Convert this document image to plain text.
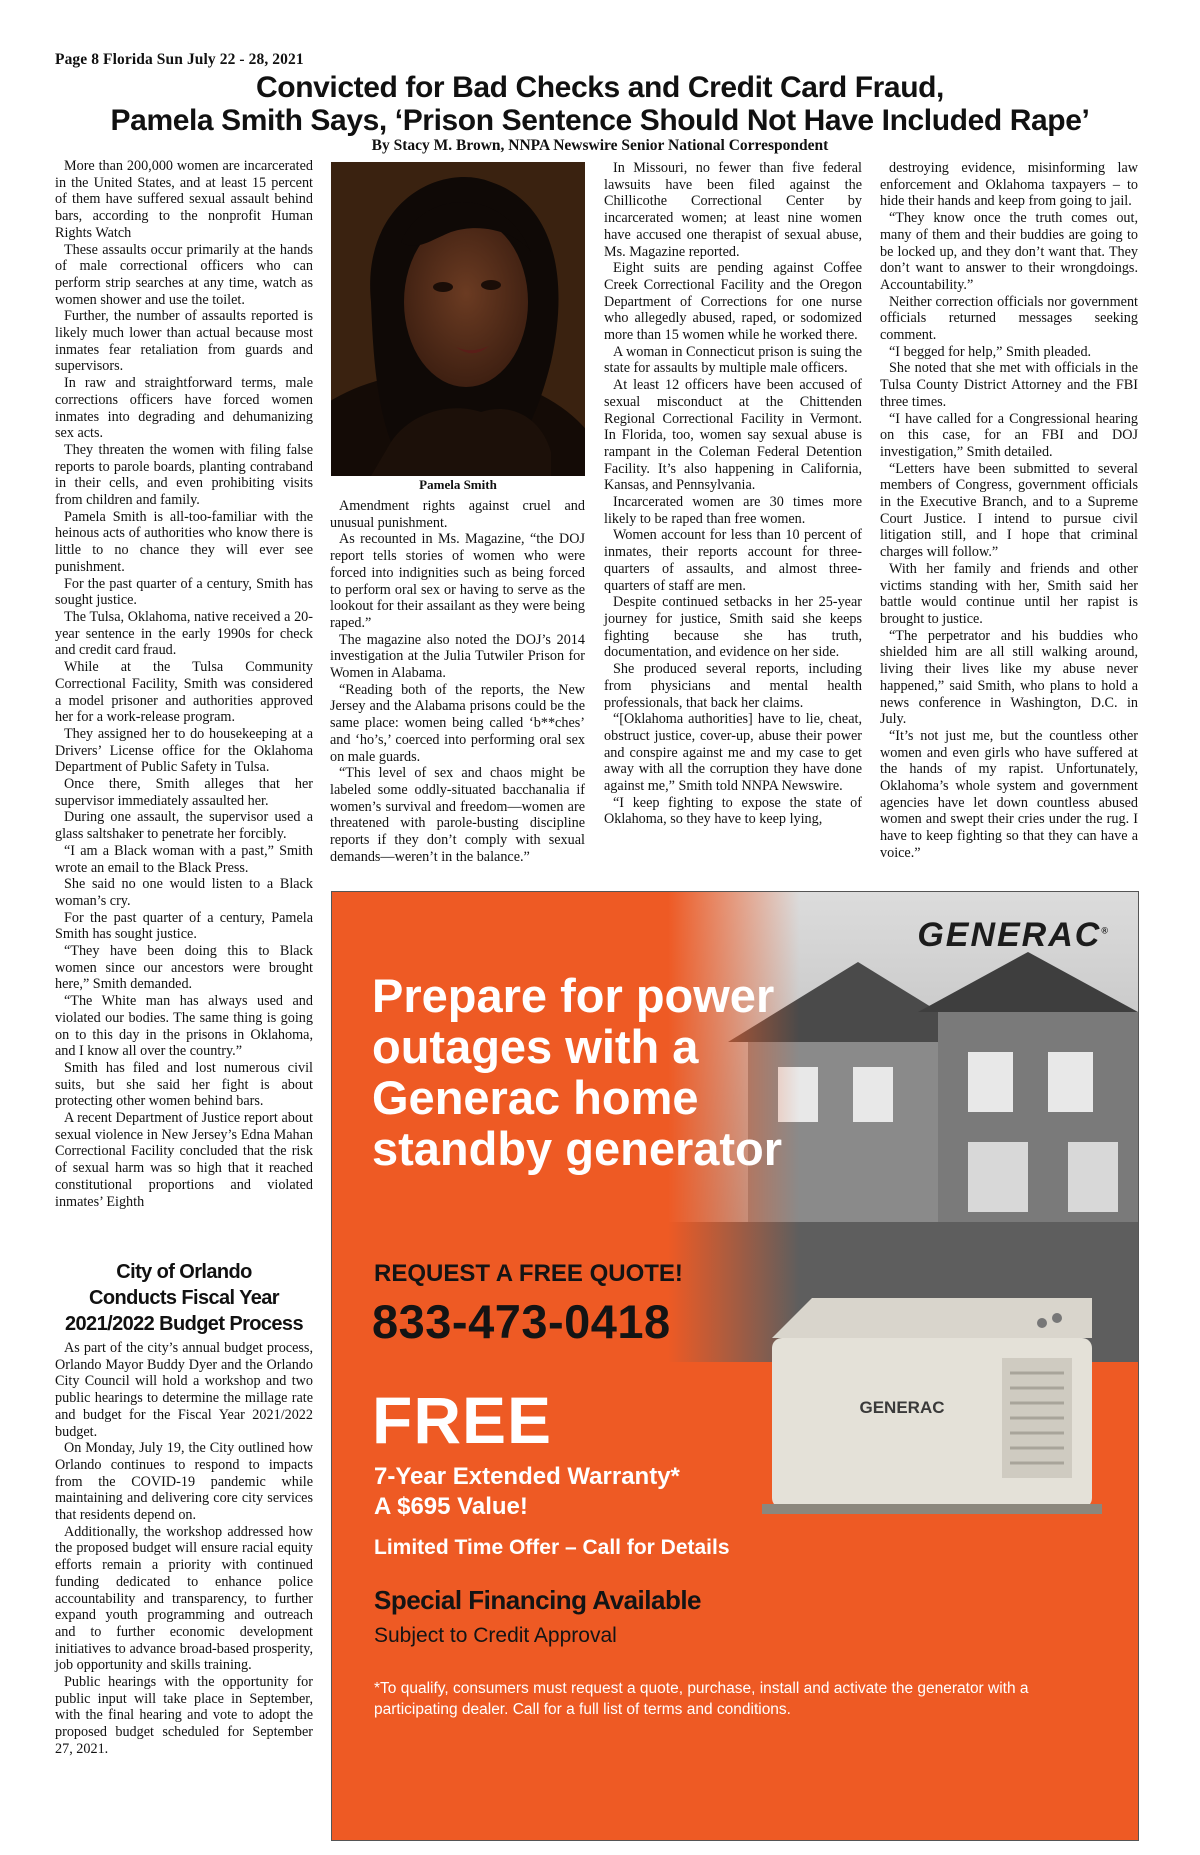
Page 8 Florida Sun July 22 - 28, 2021
Convicted for Bad Checks and Credit Card Fraud,
Pamela Smith Says, ‘Prison Sentence Should Not Have Included Rape’
By Stacy M. Brown, NNPA Newswire Senior National Correspondent

More than 200,000 women are incarcerated in the United States, and at least 15 percent of them have suffered sexual assault behind bars, according to the nonprofit Human Rights Watch

These assaults occur primarily at the hands of male correctional officers who can perform strip searches at any time, watch as women shower and use the toilet.

Further, the number of assaults reported is likely much lower than actual because most inmates fear retaliation from guards and supervisors.

In raw and straightforward terms, male corrections officers have forced women inmates into degrading and dehumanizing sex acts.

They threaten the women with filing false reports to parole boards, planting contraband in their cells, and even prohibiting visits from children and family.

Pamela Smith is all-too-familiar with the heinous acts of authorities who know there is little to no chance they will ever see punishment.

For the past quarter of a century, Smith has sought justice.

The Tulsa, Oklahoma, native received a 20-year sentence in the early 1990s for check and credit card fraud.

While at the Tulsa Community Correctional Facility, Smith was considered a model prisoner and authorities approved her for a work-release program.

They assigned her to do housekeeping at a Drivers’ License office for the Oklahoma Department of Public Safety in Tulsa.

Once there, Smith alleges that her supervisor immediately assaulted her.

During one assault, the supervisor used a glass saltshaker to penetrate her forcibly.

“I am a Black woman with a past,” Smith wrote an email to the Black Press.

She said no one would listen to a Black woman’s cry.

For the past quarter of a century, Pamela Smith has sought justice.

“They have been doing this to Black women since our ancestors were brought here,” Smith demanded.

“The White man has always used and violated our bodies. The same thing is going on to this day in the prisons in Oklahoma, and I know all over the country.”

Smith has filed and lost numerous civil suits, but she said her fight is about protecting other women behind bars.

A recent Department of Justice report about sexual violence in New Jersey’s Edna Mahan Correctional Facility concluded that the risk of sexual harm was so high that it reached constitutional proportions and violated inmates’ Eighth

Pamela Smith

Amendment rights against cruel and unusual punishment.

As recounted in Ms. Magazine, “the DOJ report tells stories of women who were forced into indignities such as being forced to perform oral sex or having to serve as the lookout for their assailant as they were being raped.”

The magazine also noted the DOJ’s 2014 investigation at the Julia Tutwiler Prison for Women in Alabama.

“Reading both of the reports, the New Jersey and the Alabama prisons could be the same place: women being called ‘b**ches’ and ‘ho’s,’ coerced into performing oral sex on male guards.

“This level of sex and chaos might be labeled some oddly-situated bacchanalia if women’s survival and freedom—women are threatened with parole-busting discipline reports if they don’t comply with sexual demands—weren’t in the balance.”

In Missouri, no fewer than five federal lawsuits have been filed against the Chillicothe Correctional Center by incarcerated women; at least nine women have accused one therapist of sexual abuse, Ms. Magazine reported.

Eight suits are pending against Coffee Creek Correctional Facility and the Oregon Department of Corrections for one nurse who allegedly abused, raped, or sodomized more than 15 women while he worked there.

A woman in Connecticut prison is suing the state for assaults by multiple male officers.

At least 12 officers have been accused of sexual misconduct at the Chittenden Regional Correctional Facility in Vermont. In Florida, too, women say sexual abuse is rampant in the Coleman Federal Detention Facility. It’s also happening in California, Kansas, and Pennsylvania.

Incarcerated women are 30 times more likely to be raped than free women.

Women account for less than 10 percent of inmates, their reports account for three-quarters of assaults, and almost three-quarters of staff are men.

Despite continued setbacks in her 25-year journey for justice, Smith said she keeps fighting because she has truth, documentation, and evidence on her side.

She produced several reports, including from physicians and mental health professionals, that back her claims.

“[Oklahoma authorities] have to lie, cheat, obstruct justice, cover-up, abuse their power and conspire against me and my case to get away with all the corruption they have done against me,” Smith told NNPA Newswire.

“I keep fighting to expose the state of Oklahoma, so they have to keep lying,

destroying evidence, misinforming law enforcement and Oklahoma taxpayers – to hide their hands and keep from going to jail.

“They know once the truth comes out, many of them and their buddies are going to be locked up, and they don’t want that. They don’t want to answer to their wrongdoings. Accountability.”

Neither correction officials nor government officials returned messages seeking comment.

“I begged for help,” Smith pleaded.

She noted that she met with officials in the Tulsa County District Attorney and the FBI three times.

“I have called for a Congressional hearing on this case, for an FBI and DOJ investigation,” Smith detailed.

“Letters have been submitted to several members of Congress, government officials in the Executive Branch, and to a Supreme Court Justice. I intend to pursue civil litigation still, and I hope that criminal charges will follow.”

With her family and friends and other victims standing with her, Smith said her battle would continue until her rapist is brought to justice.

“The perpetrator and his buddies who shielded him are all still walking around, living their lives like my abuse never happened,” said Smith, who plans to hold a news conference in Washington, D.C. in July.

“It’s not just me, but the countless other women and even girls who have suffered at the hands of my rapist. Unfortunately, Oklahoma’s whole system and government agencies have let down countless abused women and swept their cries under the rug. I have to keep fighting so that they can have a voice.”

City of Orlando
Conducts Fiscal Year
2021/2022 Budget Process

As part of the city’s annual budget process, Orlando Mayor Buddy Dyer and the Orlando City Council will hold a workshop and two public hearings to determine the millage rate and budget for the Fiscal Year 2021/2022 budget.

On Monday, July 19, the City outlined how Orlando continues to respond to impacts from the COVID-19 pandemic while maintaining and delivering core city services that residents depend on.

Additionally, the workshop addressed how the proposed budget will ensure racial equity efforts remain a priority with continued funding dedicated to enhance police accountability and transparency, to further expand youth programming and outreach and to further economic development initiatives to advance broad-based prosperity, job opportunity and skills training.

Public hearings with the opportunity for public input will take place in September, with the final hearing and vote to adopt the proposed budget scheduled for September 27, 2021.

GENERAC®
Prepare for power outages with a Generac home standby generator
REQUEST A FREE QUOTE!
833-473-0418
GENERAC
FREE
7-Year Extended Warranty*
A $695 Value!
Limited Time Offer – Call for Details
Special Financing Available
Subject to Credit Approval
*To qualify, consumers must request a quote, purchase, install and activate the generator with a participating dealer. Call for a full list of terms and conditions.
